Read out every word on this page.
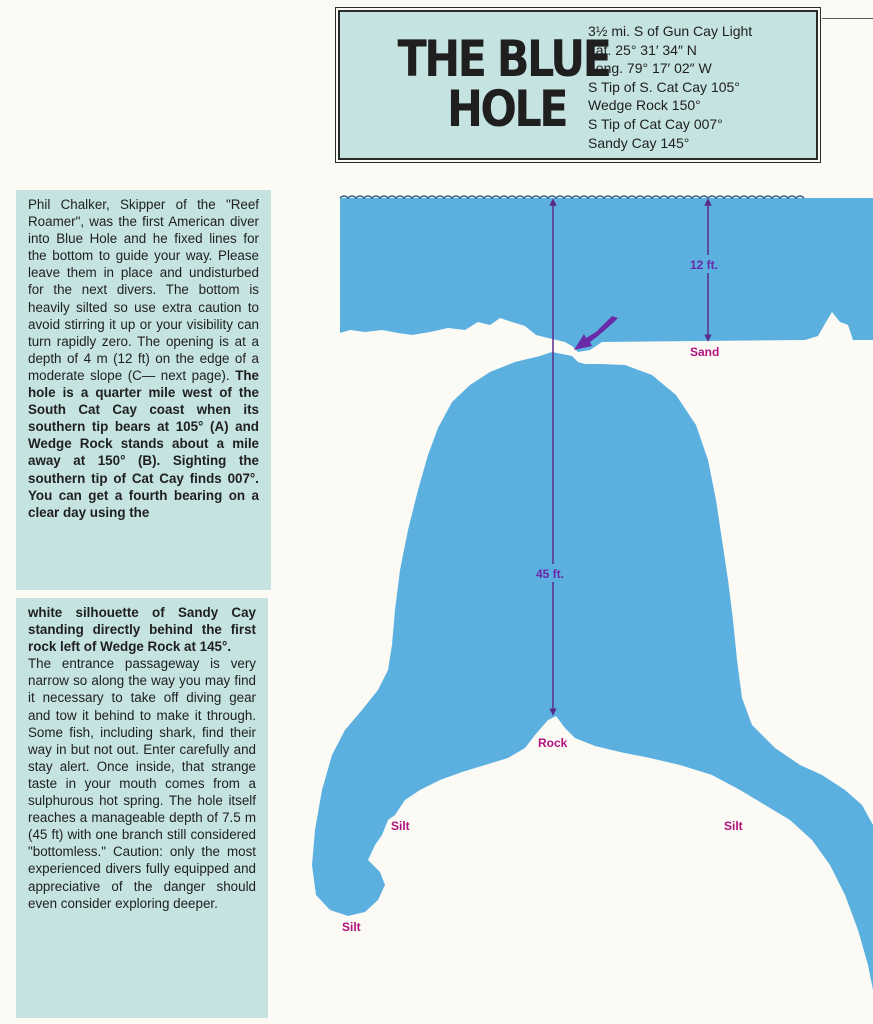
THE BLUE
HOLE
3½ mi. S of Gun Cay Light
Lat. 25° 31′ 34″ N
Long. 79° 17′ 02″ W
S Tip of S. Cat Cay 105°
Wedge Rock 150°
S Tip of Cat Cay 007°
Sandy Cay 145°

Phil Chalker, Skipper of the "Reef Roamer", was the first American diver into Blue Hole and he fixed lines for the bottom to guide your way. Please leave them in place and undisturbed for the next divers. The bottom is heavily silted so use extra caution to avoid stirring it up or your visibility can turn rapidly zero. The opening is at a depth of 4 m (12 ft) on the edge of a moderate slope (C— next page). The hole is a quarter mile west of the South Cat Cay coast when its southern tip bears at 105° (A) and Wedge Rock stands about a mile away at 150° (B). Sighting the southern tip of Cat Cay finds 007°. You can get a fourth bearing on a clear day using the

white silhouette of Sandy Cay standing directly behind the first rock left of Wedge Rock at 145°.

The entrance passageway is very narrow so along the way you may find it necessary to take off diving gear and tow it behind to make it through. Some fish, including shark, find their way in but not out. Enter carefully and stay alert. Once inside, that strange taste in your mouth comes from a sulphurous hot spring. The hole itself reaches a manageable depth of 7.5 m (45 ft) with one branch still considered "bottomless." Caution: only the most experienced divers fully equipped and appreciative of the danger should even consider exploring deeper.

12 ft.
45 ft.
Sand
Rock
Silt	Silt
Silt
